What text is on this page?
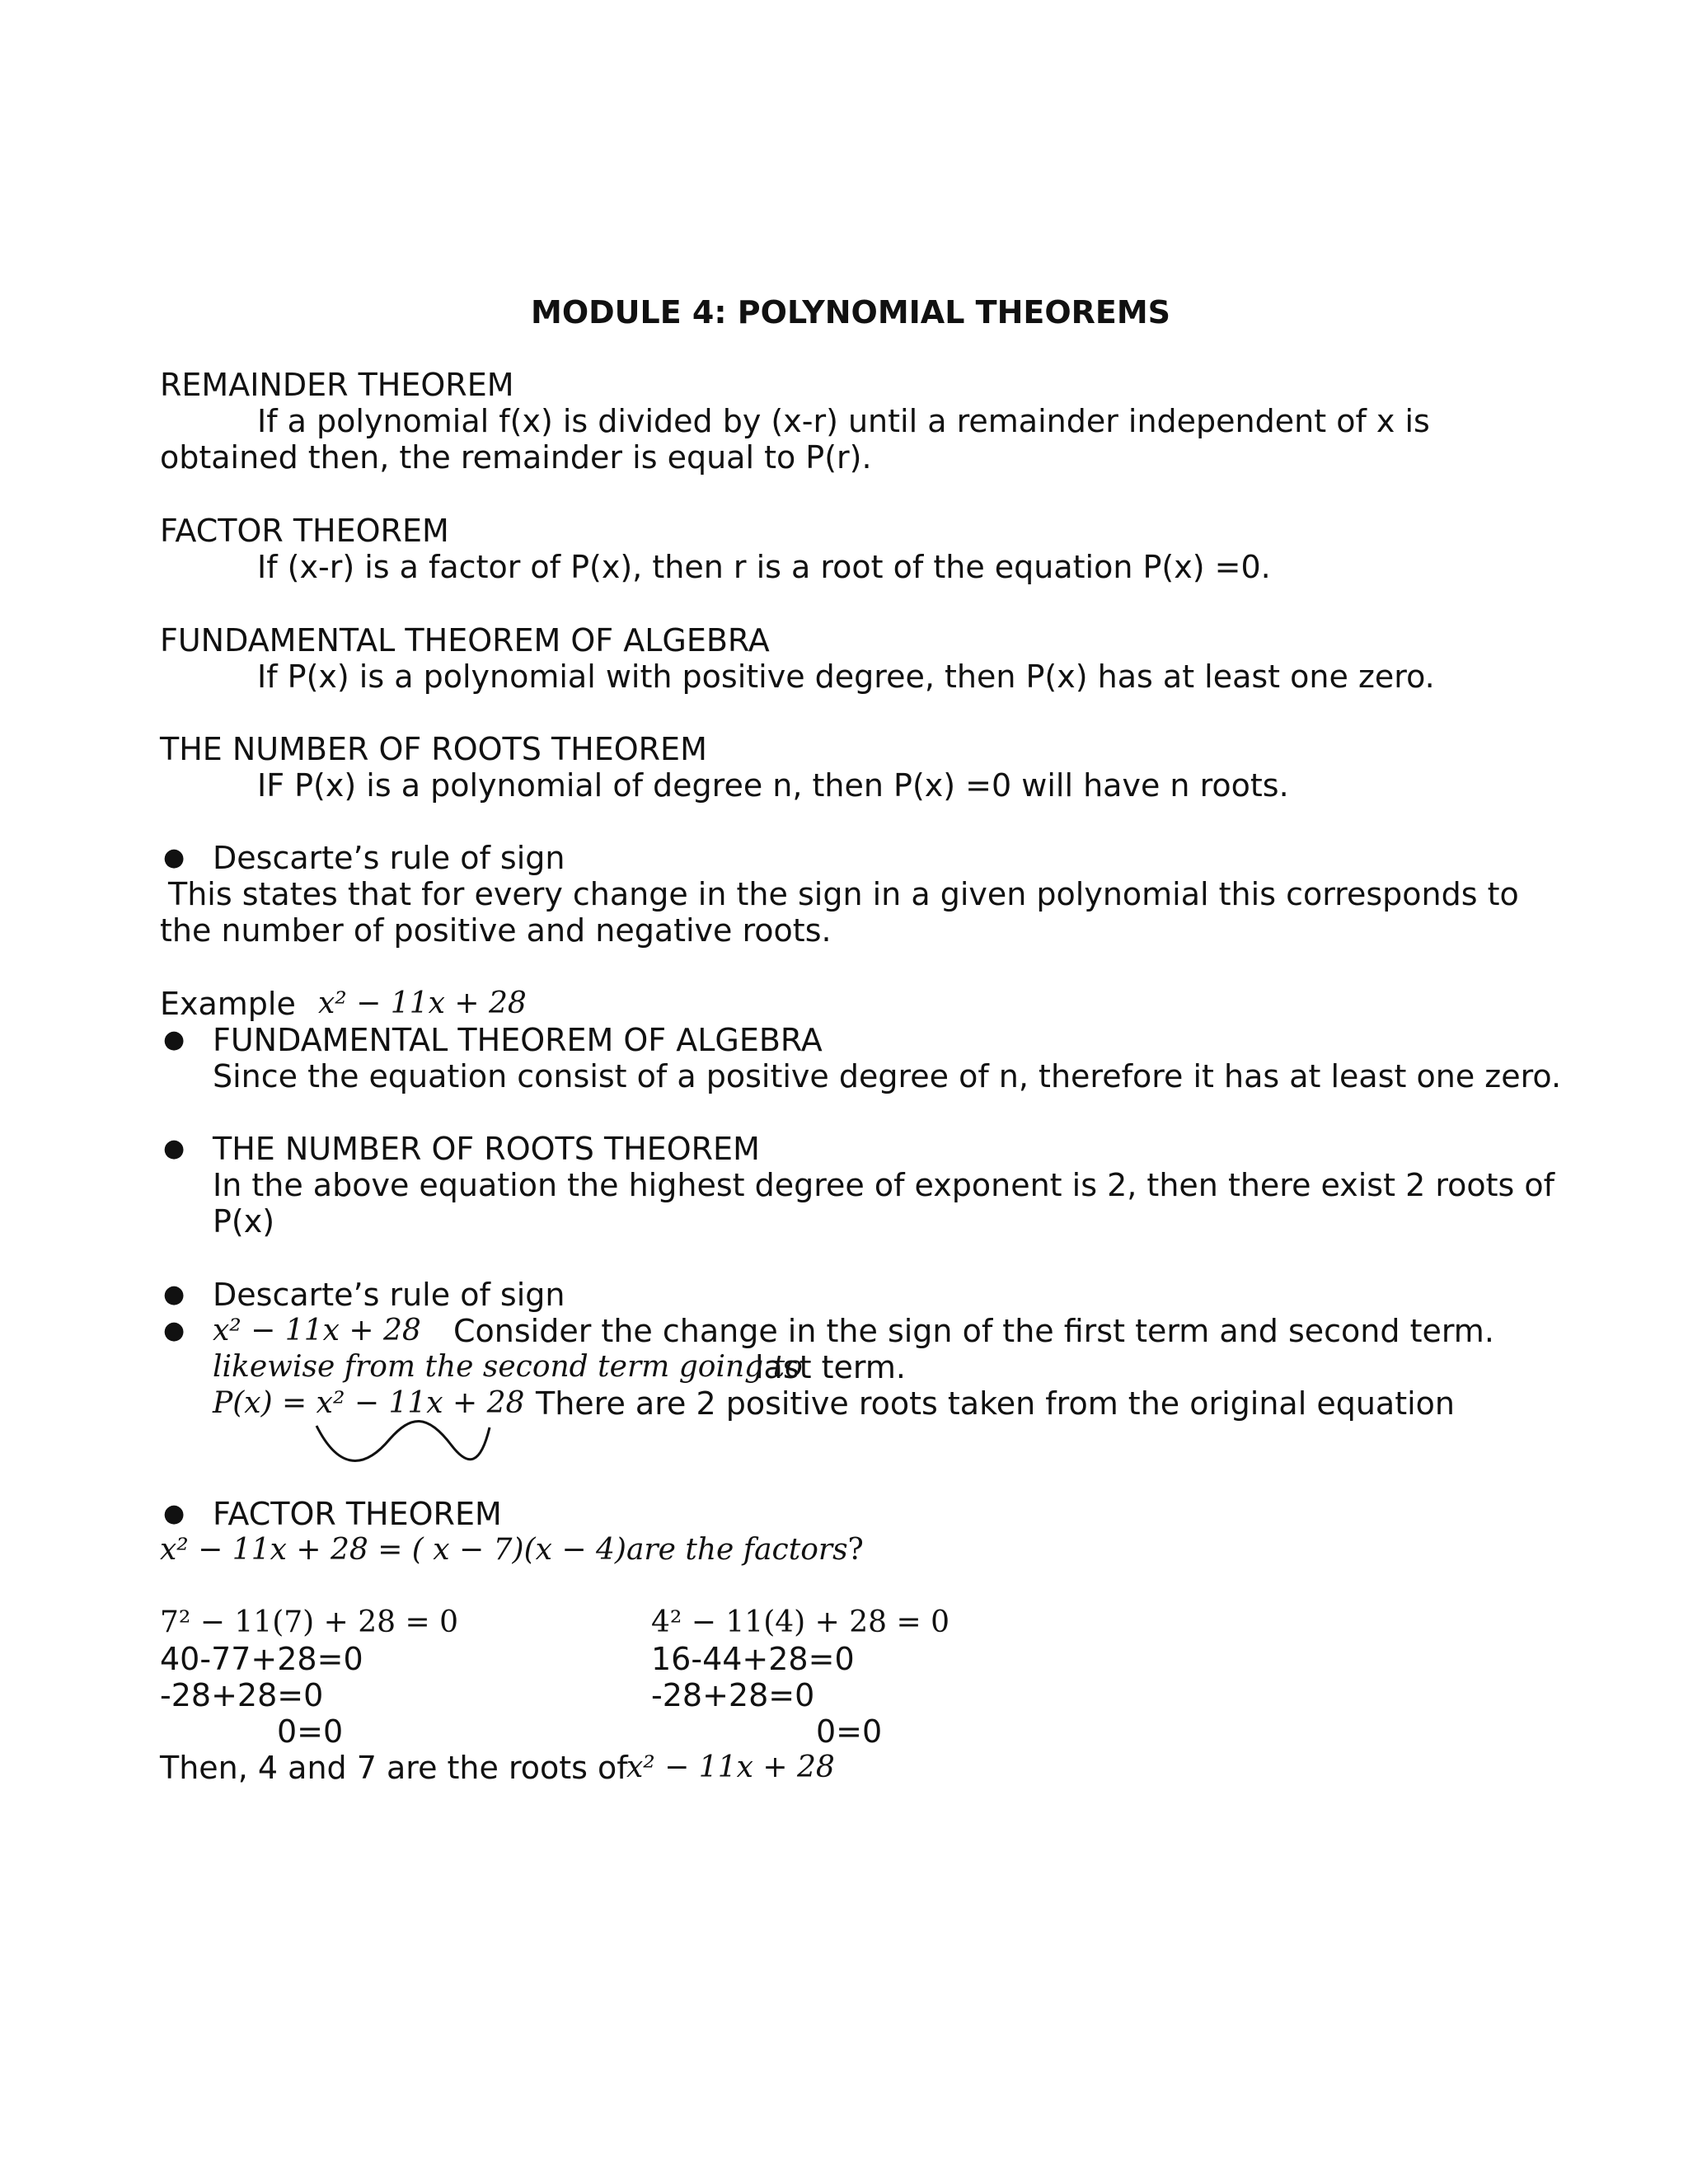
MODULE 4: POLYNOMIAL THEOREMS
REMAINDER THEOREM
If a polynomial f(x) is divided by (x-r) until a remainder independent of x is
obtained then, the remainder is equal to P(r).
FACTOR THEOREM
If (x-r) is a factor of P(x), then r is a root of the equation P(x) =0.
FUNDAMENTAL THEOREM OF ALGEBRA
If P(x) is a polynomial with positive degree, then P(x) has at least one zero.
THE NUMBER OF ROOTS THEOREM
IF P(x) is a polynomial of degree n, then P(x) =0 will have n roots.
● Descarte’s rule of sign
This states that for every change in the sign in a given polynomial this corresponds to
the number of positive and negative roots.
Example x² − 11x + 28
● FUNDAMENTAL THEOREM OF ALGEBRA
Since the equation consist of a positive degree of n, therefore it has at least one zero.
● THE NUMBER OF ROOTS THEOREM
In the above equation the highest degree of exponent is 2, then there exist 2 roots of
P(x)
● Descarte’s rule of sign
● x² − 11x + 28 Consider the change in the sign of the first term and second term.
likewise from the second term going to
last term.
P(x) = x² − 11x + 28 There are 2 positive roots taken from the original equation
● FACTOR THEOREM
x² − 11x + 28 = ( x − 7)(x − 4)are the factors?
7² − 11(7) + 28 = 0
40-77+28=0
-28+28=0
0=0
4² − 11(4) + 28 = 0
16-44+28=0
-28+28=0
0=0
Then, 4 and 7 are the roots of
x² − 11x + 28
